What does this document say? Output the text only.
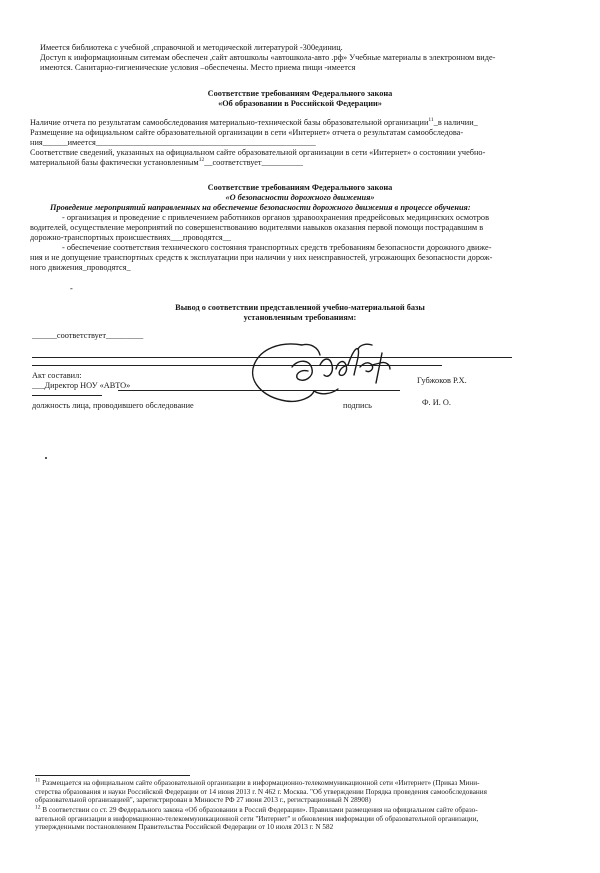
Имеется библиотека с учебной ,справочной и методической литературой -300единиц.
Доступ к информационным ситемам обеспечен ,сайт автошколы «автошкола-авто .рф» Учебные материалы в электронном виде-
имеются. Санитарно-гигиенические условия –обеспечены. Место приема пищи -имеется
Соответствие требованиям Федерального закона
«Об образовании в Российской Федерации»
Наличие отчета по результатам самообследования материально-технической базы образовательной организации$^{11}$_в наличии_
Размещение на официальном сайте образовательной организации в сети «Интернет» отчета о результатам самообследова-
ния______имеется_____________________________________________________
Соответствие сведений, указанных на официальном сайте образовательной организации в сети «Интернет» о состоянии учебно-
материальной базы фактически установленным$^{12}$__соответствует__________
Соответствие требованиям Федерального закона
«О безопасности дорожного движения»
Проведение мероприятий направленных на обеспечение безопасности дорожного движения в процессе обучения:
- организация и проведение с привлечением работников органов здравоохранения предрейсовых медицинских осмотров
водителей, осуществление мероприятий по совершенствованию водителями навыков оказания первой помощи пострадавшим в
дорожно-транспортных происшествиях___проводятся__
- обеспечение соответствия технического состояния транспортных средств требованиям безопасности дорожного движе-
ния и не допущение транспортных средств к эксплуатации при наличии у них неисправностей, угрожающих безопасности дорож-
ного движения_проводятся_
-
Вывод о соответствии представленной учебно-материальной базы
установленным требованиям:
______соответствует_________
Акт составил:
___Директор НОУ «АВТО»
должность лица, проводившего обследование	подпись
Губжоков Р.Х.
Ф. И. О.
$^{11}$ Размещается на официальном сайте образовательной организации в информационно-телекоммуникационной сети «Интернет» (Приказ Мини-
стерства образования и науки Российской Федерации от 14 июня 2013 г. N 462 г. Москва. "Об утверждении Порядка проведения самообследования
образовательной организацией", зарегистрирован в Минюсте РФ 27 июня 2013 г., регистрационный N 28908)
$^{12}$ В соответствии со ст. 29 Федерального закона «Об образовании в Россий Федерации». Правилами размещения на официальном сайте образо-
вательной организации в информационно-телекоммуникационной сети "Интернет" и обновления информации об образовательной организации,
утвержденными постановлением Правительства Российской Федерации от 10 июля 2013 г. N 582
